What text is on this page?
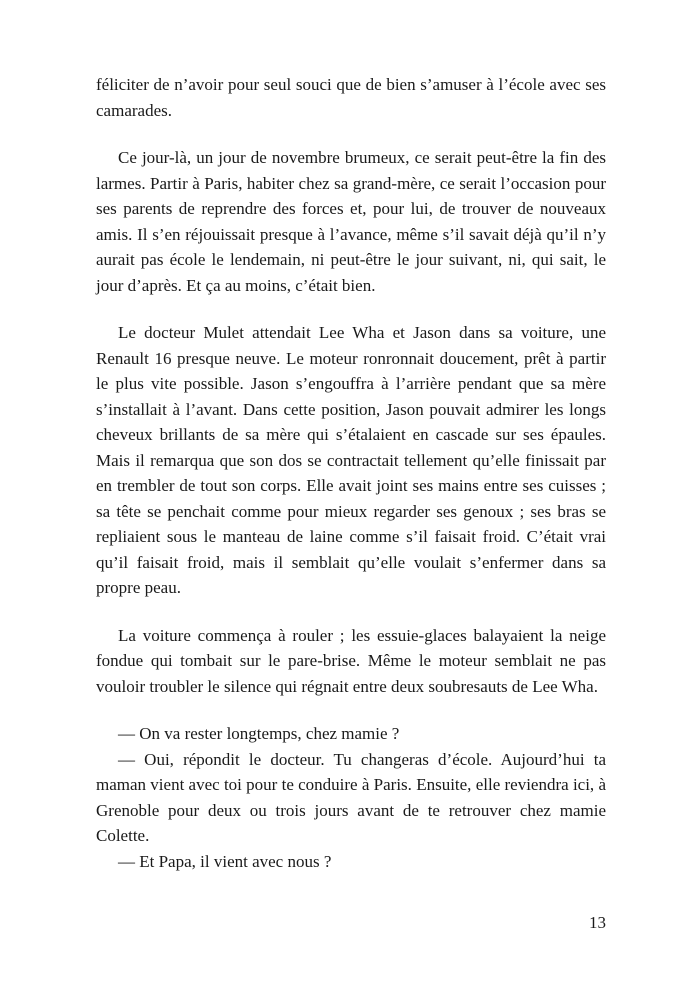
féliciter de n’avoir pour seul souci que de bien s’amuser à l’école avec ses camarades.

Ce jour-là, un jour de novembre brumeux, ce serait peut-être la fin des larmes. Partir à Paris, habiter chez sa grand-mère, ce serait l’occasion pour ses parents de reprendre des forces et, pour lui, de trouver de nouveaux amis. Il s’en réjouissait presque à l’avance, même s’il savait déjà qu’il n’y aurait pas école le lendemain, ni peut-être le jour suivant, ni, qui sait, le jour d’après. Et ça au moins, c’était bien.

Le docteur Mulet attendait Lee Wha et Jason dans sa voiture, une Renault 16 presque neuve. Le moteur ronronnait doucement, prêt à partir le plus vite possible. Jason s’engouffra à l’arrière pendant que sa mère s’installait à l’avant. Dans cette position, Jason pouvait admirer les longs cheveux brillants de sa mère qui s’étalaient en cascade sur ses épaules. Mais il remarqua que son dos se contractait tellement qu’elle finissait par en trembler de tout son corps. Elle avait joint ses mains entre ses cuisses ; sa tête se penchait comme pour mieux regarder ses genoux ; ses bras se repliaient sous le manteau de laine comme s’il faisait froid. C’était vrai qu’il faisait froid, mais il semblait qu’elle voulait s’enfermer dans sa propre peau.

La voiture commença à rouler ; les essuie-glaces balayaient la neige fondue qui tombait sur le pare-brise. Même le moteur semblait ne pas vouloir troubler le silence qui régnait entre deux soubresauts de Lee Wha.

— On va rester longtemps, chez mamie ?

— Oui, répondit le docteur. Tu changeras d’école. Aujourd’hui ta maman vient avec toi pour te conduire à Paris. Ensuite, elle reviendra ici, à Grenoble pour deux ou trois jours avant de te retrouver chez mamie Colette.

— Et Papa, il vient avec nous ?

13
